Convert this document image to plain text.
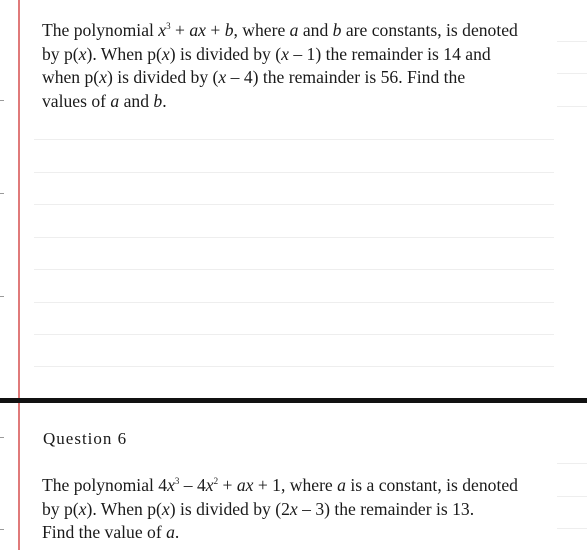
The polynomial $x^3$ + ax + b, where a and b are constants, is denoted
by p(x). When p(x) is divided by (x – 1) the remainder is 14 and
when p(x) is divided by (x – 4) the remainder is 56. Find the
values of a and b.

Question 6

The polynomial $4x^3 - 4x^2$ + ax + 1, where a is a constant, is denoted
by p(x). When p(x) is divided by (2x – 3) the remainder is 13.
Find the value of a.
